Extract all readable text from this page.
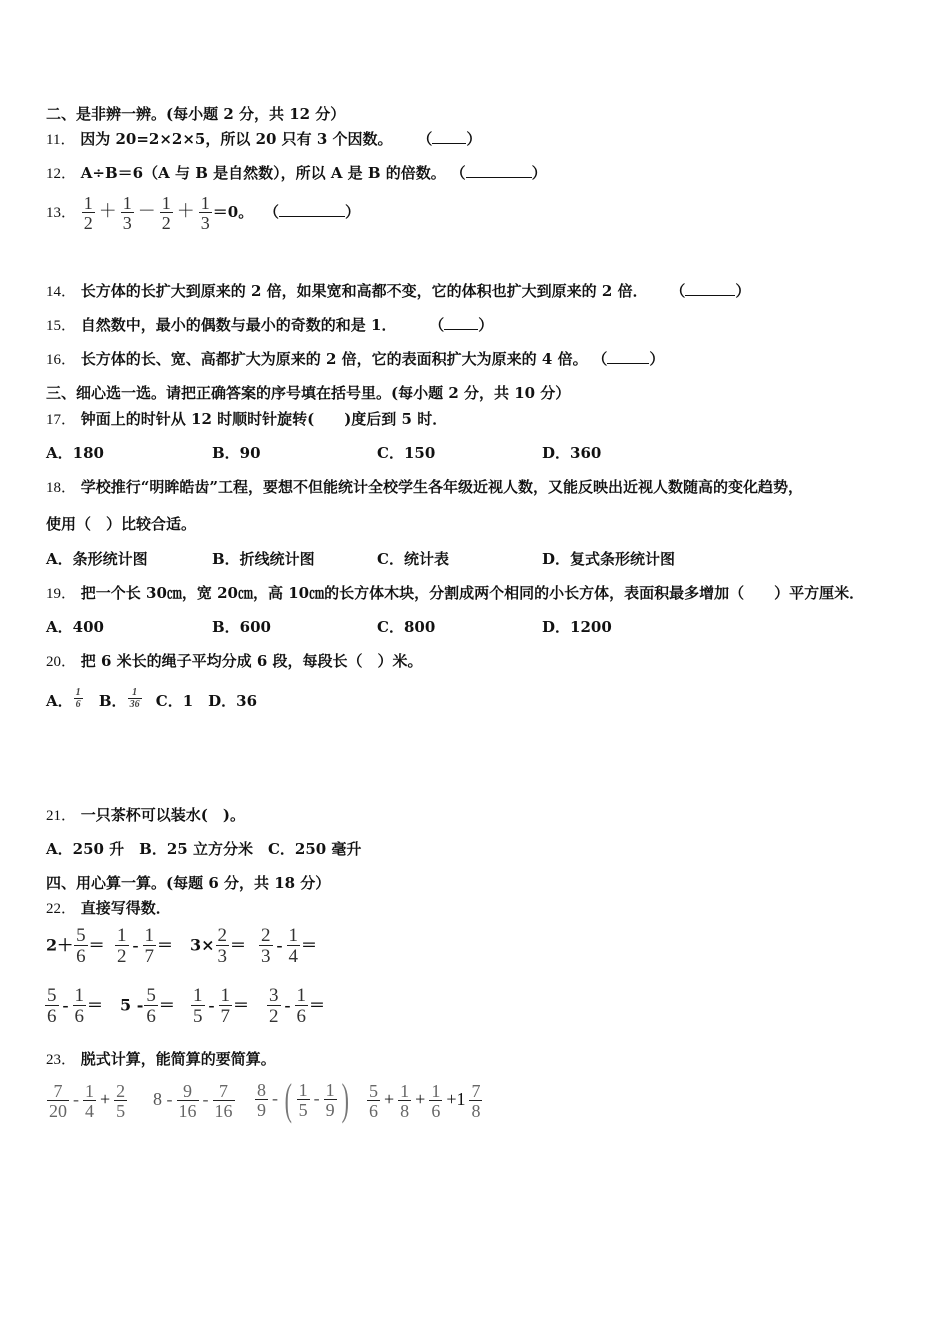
二、是非辨一辨。(每小题 2 分，共 12 分）
11． 因为 20=2×2×5，所以 20 只有 3 个因数。 （ ）
12． A÷B＝6（A 与 B 是自然数），所以 A 是 B 的倍数。 （	）
13． $\frac{1}{2} + \frac{1}{3} - \frac{1}{2} + \frac{1}{3} =0$。 （	）
14． 长方体的长扩大到原来的 2 倍，如果宽和高都不变，它的体积也扩大到原来的 2 倍． （	）
15． 自然数中，最小的偶数与最小的奇数的和是 1． （ ）
16． 长方体的长、宽、高都扩大为原来的 2 倍，它的表面积扩大为原来的 4 倍。 （	）
三、细心选一选。请把正确答案的序号填在括号里。(每小题 2 分，共 10 分）
17． 钟面上的时针从 12 时顺时针旋转(　　)度后到 5 时．
A．180	B．90	C．150	D．360
18． 学校推行“明眸皓齿”工程，要想不但能统计全校学生各年级近视人数，又能反映出近视人数随高的变化趋势，
使用（　）比较合适。
A．条形统计图	B．折线统计图	C．统计表	D．复式条形统计图
19． 把一个长 30㎝，宽 20㎝，高 10㎝的长方体木块，分割成两个相同的小长方体，表面积最多增加（　　）平方厘米．
A．400	B．600	C．800	D．1200
20． 把 6 米长的绳子平均分成 6 段，每段长（　）米。
A． $\frac{1}{6}$ B． $\frac{1}{36}$ C．1　D．36
21． 一只茶杯可以装水(　)。
A．250 升　B．25 立方分米　C．250 毫升
四、用心算一算。(每题 6 分，共 18 分）
22． 直接写得数．
$2+ \frac{5}{6} = \frac{1}{2} - \frac{1}{7} = 3\times \frac{2}{3} = \frac{2}{3} - \frac{1}{4}$ ＝
$\frac{5}{6} - \frac{1}{6} = 5 - \frac{5}{6} = \frac{1}{5} - \frac{1}{7} = \frac{3}{2} - \frac{1}{6}$ ＝
23． 脱式计算，能简算的要简算。
$\frac{7}{20} - \frac{1}{4} + \frac{2}{5} 8 - \frac{9}{16} - \frac{7}{16} \frac{8}{9}$ - ( $\frac{1}{5} - \frac{1}{9}$ ) $\frac{5}{6} + \frac{1}{8} + \frac{1}{6} +1 \frac{7}{8}$
